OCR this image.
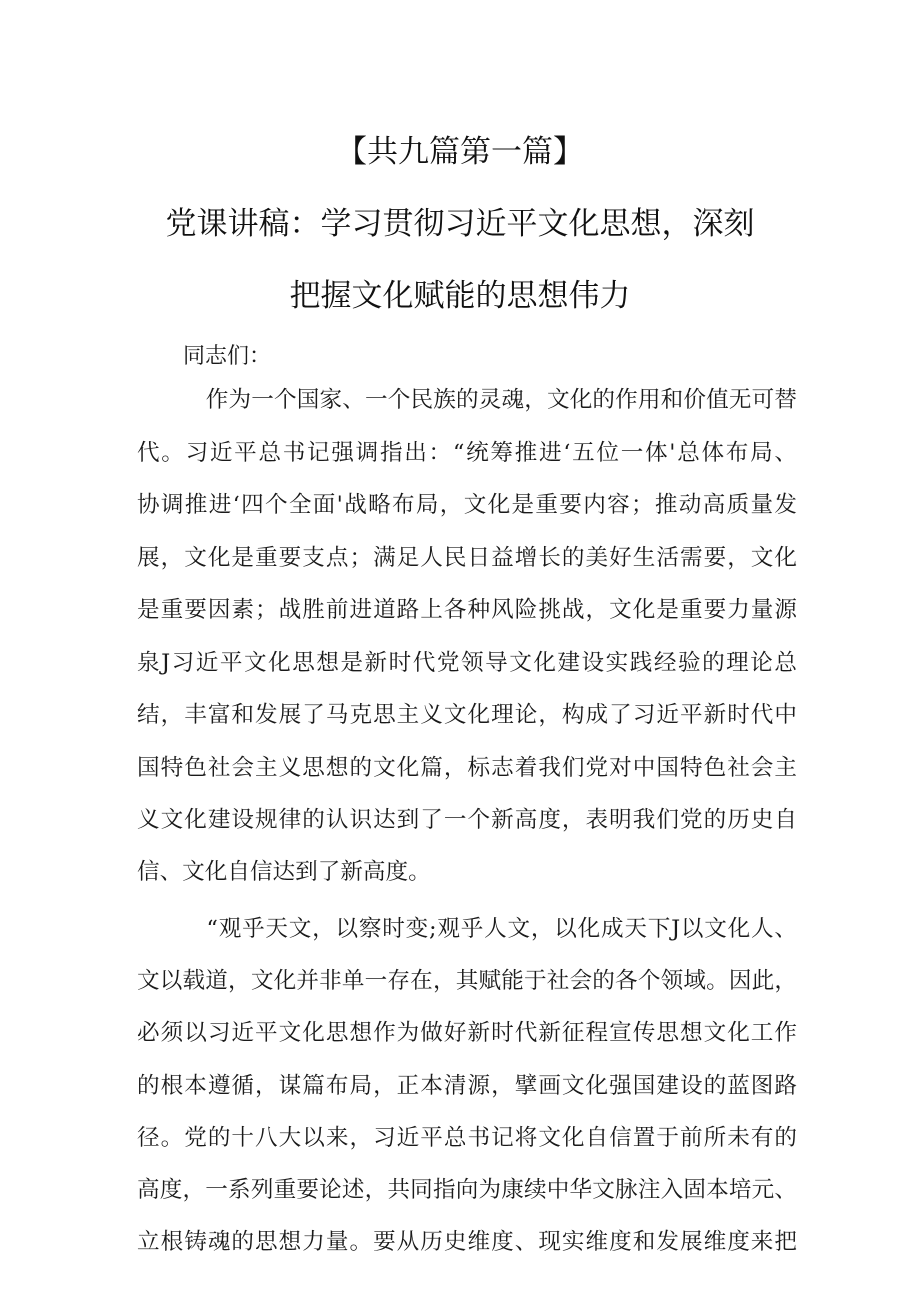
【共九篇第一篇】
党课讲稿：学习贯彻习近平文化思想，深刻
把握文化赋能的思想伟力
同志们：
　作为一个国家、一个民族的灵魂，文化的作用和价值无可替
代。习近平总书记强调指出：“统筹推进‘五位一体'总体布局、
协调推进‘四个全面'战略布局，文化是重要内容；推动高质量发
展，文化是重要支点；满足人民日益增长的美好生活需要，文化
是重要因素；战胜前进道路上各种风险挑战，文化是重要力量源
泉J习近平文化思想是新时代党领导文化建设实践经验的理论总
结，丰富和发展了马克思主义文化理论，构成了习近平新时代中
国特色社会主义思想的文化篇，标志着我们党对中国特色社会主
义文化建设规律的认识达到了一个新高度，表明我们党的历史自
信、文化自信达到了新高度。
　“观乎天文，以察时变;观乎人文，以化成天下J以文化人、
文以载道，文化并非单一存在，其赋能于社会的各个领域。因此，
必须以习近平文化思想作为做好新时代新征程宣传思想文化工作
的根本遵循，谋篇布局，正本清源，擘画文化强国建设的蓝图路
径。党的十八大以来，习近平总书记将文化自信置于前所未有的
高度，一系列重要论述，共同指向为康续中华文脉注入固本培元、
立根铸魂的思想力量。要从历史维度、现实维度和发展维度来把
